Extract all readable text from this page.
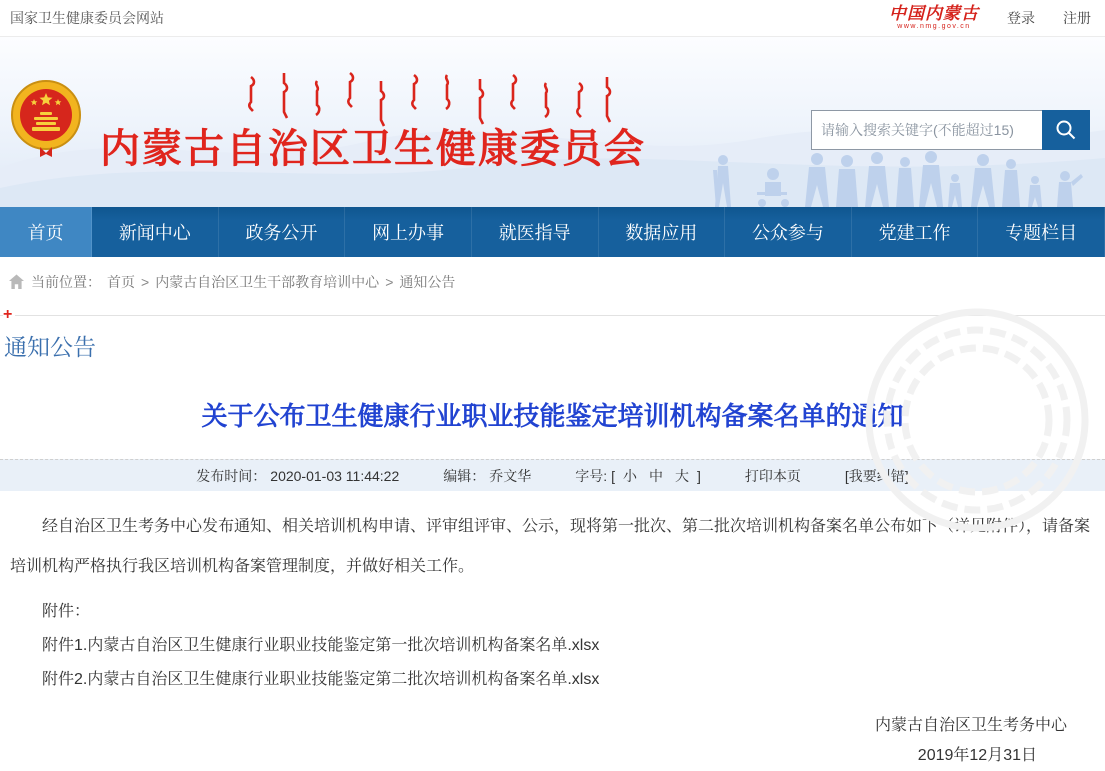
国家卫生健康委员会网站	中国内蒙古
www.nmg.gov.cn
登录 注册
内蒙古自治区卫生健康委员会
请输入搜索关键字(不能超过15)
首页	新闻中心	政务公开	网上办事	就医指导	数据应用	公众参与	党建工作	专题栏目
当前位置： 首页 > 内蒙古自治区卫生干部教育培训中心 > 通知公告
+
通知公告
关于公布卫生健康行业职业技能鉴定培训机构备案名单的通知
发布时间： 2020-01-03 11:44:22	编辑： 乔文华	字号: [ 小 中 大 ]	打印本页	[我要纠错]
经自治区卫生考务中心发布通知、相关培训机构申请、评审组评审、公示，现将第一批次、第二批次培训机构备案名单公布如下（详见附件），请备案培训机构严格执行我区培训机构备案管理制度，并做好相关工作。
附件：
附件1.内蒙古自治区卫生健康行业职业技能鉴定第一批次培训机构备案名单.xlsx
附件2.内蒙古自治区卫生健康行业职业技能鉴定第二批次培训机构备案名单.xlsx
内蒙古自治区卫生考务中心
2019年12月31日
